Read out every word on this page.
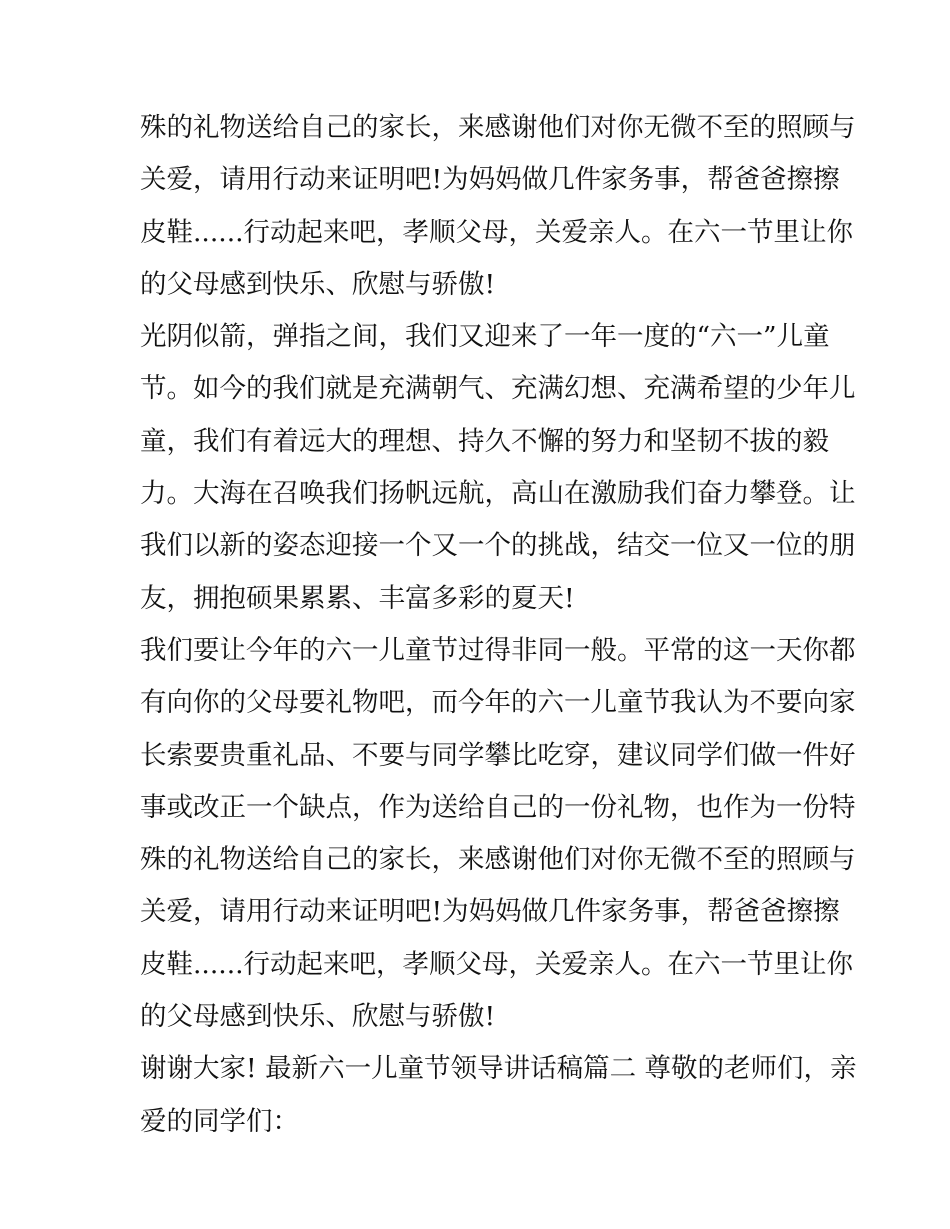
殊的礼物送给自己的家长，来感谢他们对你无微不至的照顾与
关爱，请用行动来证明吧!为妈妈做几件家务事，帮爸爸擦擦
皮鞋......行动起来吧，孝顺父母，关爱亲人。在六一节里让你
的父母感到快乐、欣慰与骄傲!
光阴似箭，弹指之间，我们又迎来了一年一度的“六一”儿童
节。如今的我们就是充满朝气、充满幻想、充满希望的少年儿
童，我们有着远大的理想、持久不懈的努力和坚韧不拔的毅
力。大海在召唤我们扬帆远航，高山在激励我们奋力攀登。让
我们以新的姿态迎接一个又一个的挑战，结交一位又一位的朋
友，拥抱硕果累累、丰富多彩的夏天!
我们要让今年的六一儿童节过得非同一般。平常的这一天你都
有向你的父母要礼物吧，而今年的六一儿童节我认为不要向家
长索要贵重礼品、不要与同学攀比吃穿，建议同学们做一件好
事或改正一个缺点，作为送给自己的一份礼物，也作为一份特
殊的礼物送给自己的家长，来感谢他们对你无微不至的照顾与
关爱，请用行动来证明吧!为妈妈做几件家务事，帮爸爸擦擦
皮鞋......行动起来吧，孝顺父母，关爱亲人。在六一节里让你
的父母感到快乐、欣慰与骄傲!
谢谢大家! 最新六一儿童节领导讲话稿篇二 尊敬的老师们，亲
爱的同学们：
